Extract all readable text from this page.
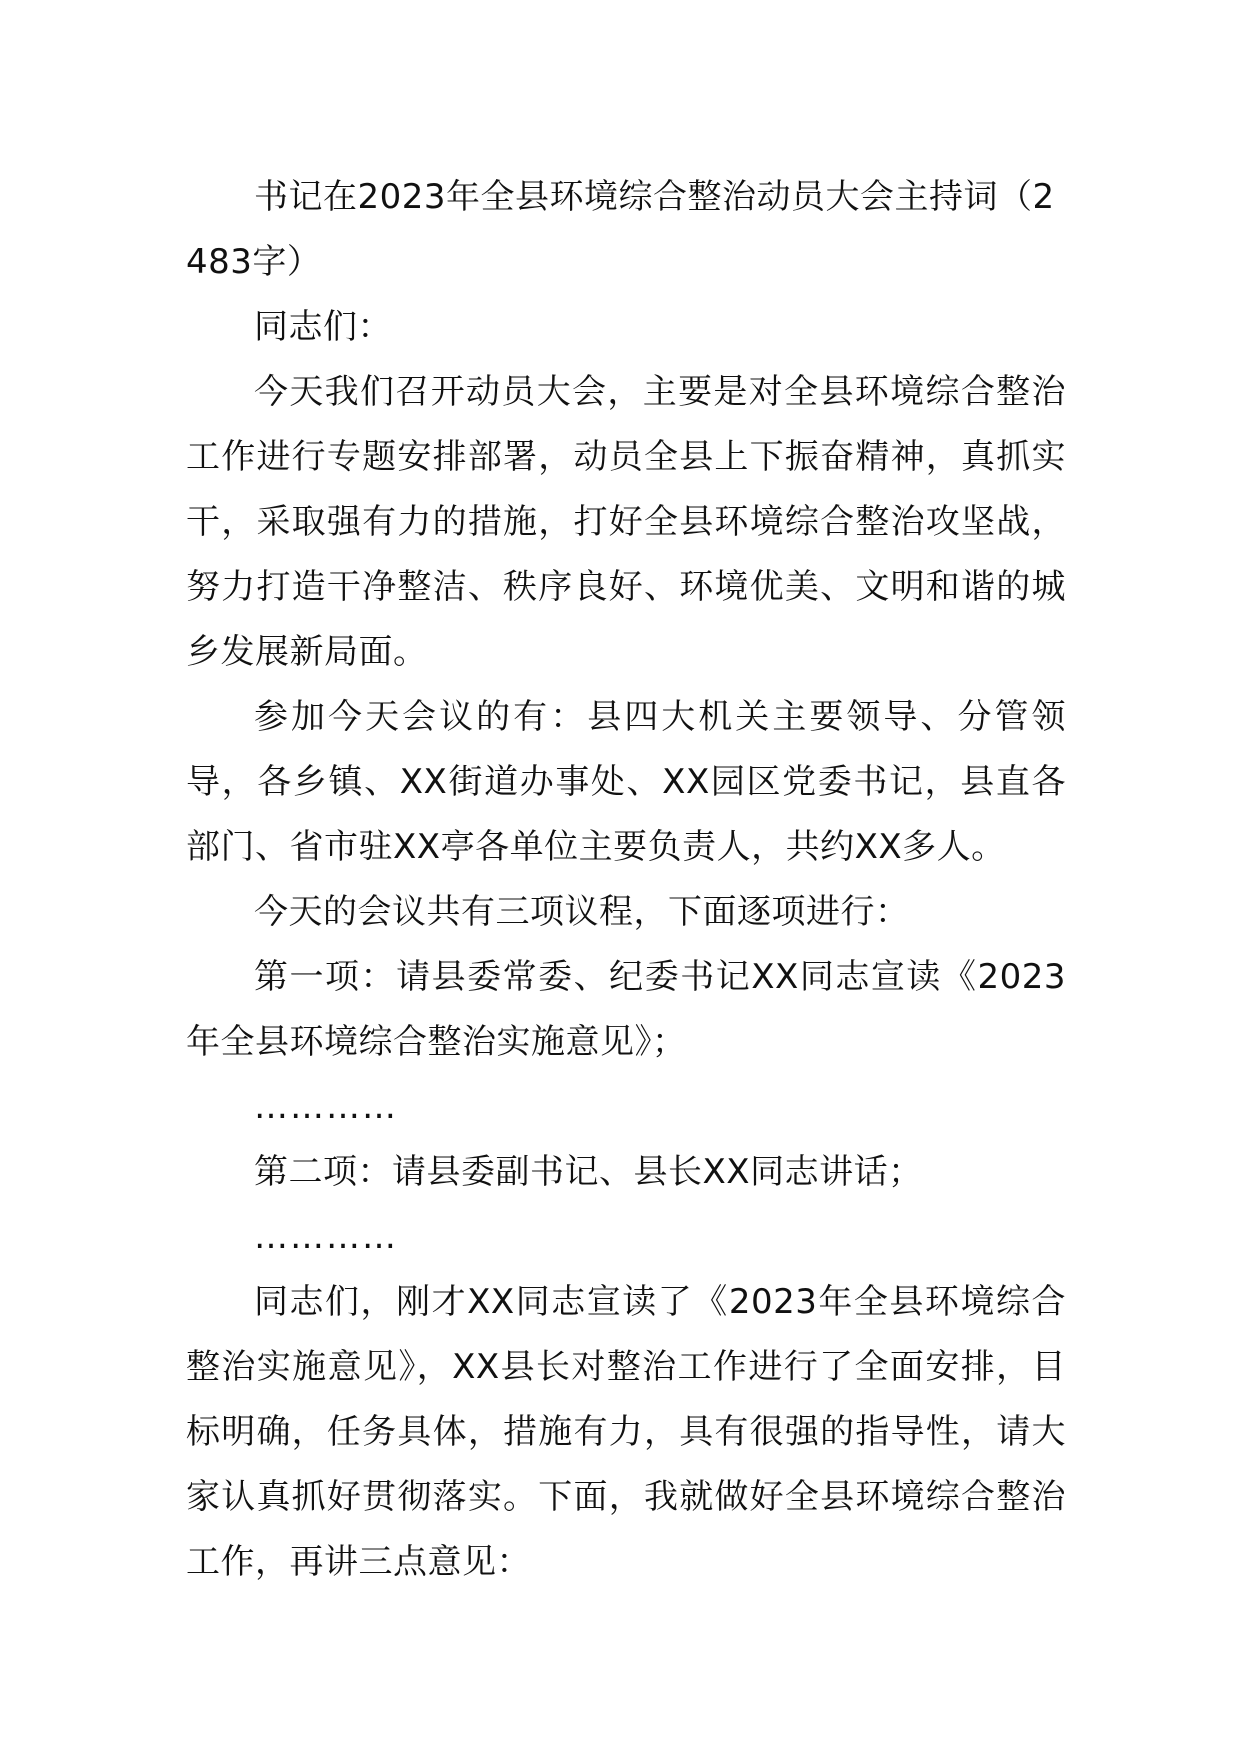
书记在2023年全县环境综合整治动员大会主持词（2483字）

同志们：

今天我们召开动员大会，主要是对全县环境综合整治工作进行专题安排部署，动员全县上下振奋精神，真抓实干，采取强有力的措施，打好全县环境综合整治攻坚战，努力打造干净整洁、秩序良好、环境优美、文明和谐的城乡发展新局面。

参加今天会议的有：县四大机关主要领导、分管领导，各乡镇、XX街道办事处、XX园区党委书记，县直各部门、省市驻XX亭各单位主要负责人，共约XX多人。

今天的会议共有三项议程，下面逐项进行：

第一项：请县委常委、纪委书记XX同志宣读《2023年全县环境综合整治实施意见》；

…………

第二项：请县委副书记、县长XX同志讲话；

…………

同志们，刚才XX同志宣读了《2023年全县环境综合整治实施意见》，XX县长对整治工作进行了全面安排，目标明确，任务具体，措施有力，具有很强的指导性，请大家认真抓好贯彻落实。下面，我就做好全县环境综合整治工作，再讲三点意见：
